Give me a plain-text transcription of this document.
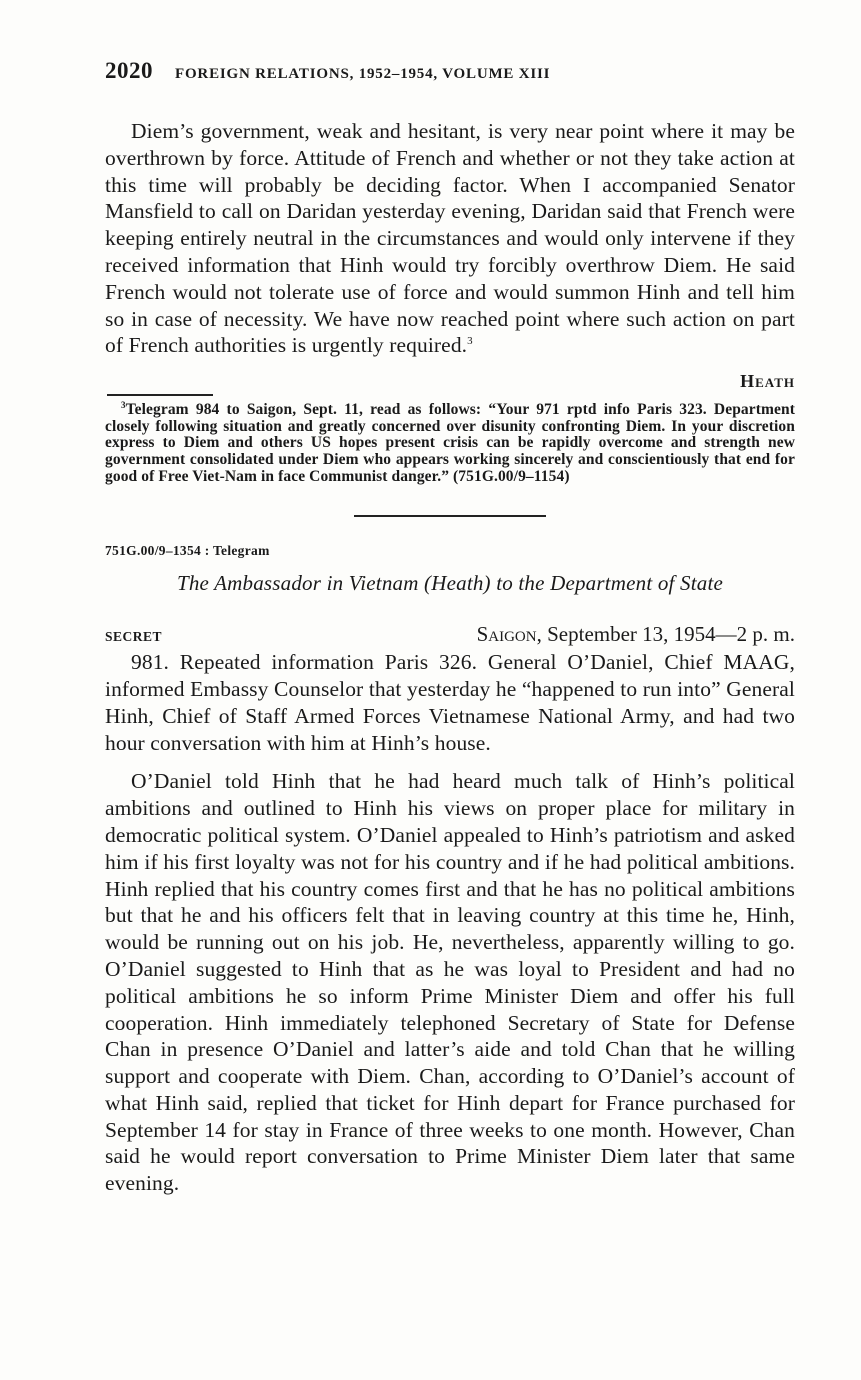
2020 FOREIGN RELATIONS, 1952–1954, VOLUME XIII

Diem’s government, weak and hesitant, is very near point where it may be overthrown by force. Attitude of French and whether or not they take action at this time will probably be deciding factor. When I accompanied Senator Mansfield to call on Daridan yesterday evening, Daridan said that French were keeping entirely neutral in the circumstances and would only intervene if they received information that Hinh would try forcibly overthrow Diem. He said French would not tolerate use of force and would summon Hinh and tell him so in case of necessity. We have now reached point where such action on part of French authorities is urgently required.$^3$

Heath

$^3$Telegram 984 to Saigon, Sept. 11, read as follows: “Your 971 rptd info Paris 323. Department closely following situation and greatly concerned over disunity confronting Diem. In your discretion express to Diem and others US hopes present crisis can be rapidly overcome and strength new government consolidated under Diem who appears working sincerely and conscientiously that end for good of Free Viet-Nam in face Communist danger.” (751G.00/9–1154)

751G.00/9–1354 : Telegram
The Ambassador in Vietnam (Heath) to the Department of State
SECRET	Saigon, September 13, 1954—2 p. m.

981. Repeated information Paris 326. General O’Daniel, Chief MAAG, informed Embassy Counselor that yesterday he “happened to run into” General Hinh, Chief of Staff Armed Forces Vietnamese National Army, and had two hour conversation with him at Hinh’s house.

O’Daniel told Hinh that he had heard much talk of Hinh’s political ambitions and outlined to Hinh his views on proper place for military in democratic political system. O’Daniel appealed to Hinh’s patriotism and asked him if his first loyalty was not for his country and if he had political ambitions. Hinh replied that his country comes first and that he has no political ambitions but that he and his officers felt that in leaving country at this time he, Hinh, would be running out on his job. He, nevertheless, apparently willing to go. O’Daniel suggested to Hinh that as he was loyal to President and had no political ambitions he so inform Prime Minister Diem and offer his full cooperation. Hinh immediately telephoned Secretary of State for Defense Chan in presence O’Daniel and latter’s aide and told Chan that he willing support and cooperate with Diem. Chan, according to O’Daniel’s account of what Hinh said, replied that ticket for Hinh depart for France purchased for September 14 for stay in France of three weeks to one month. However, Chan said he would report conversation to Prime Minister Diem later that same evening.
